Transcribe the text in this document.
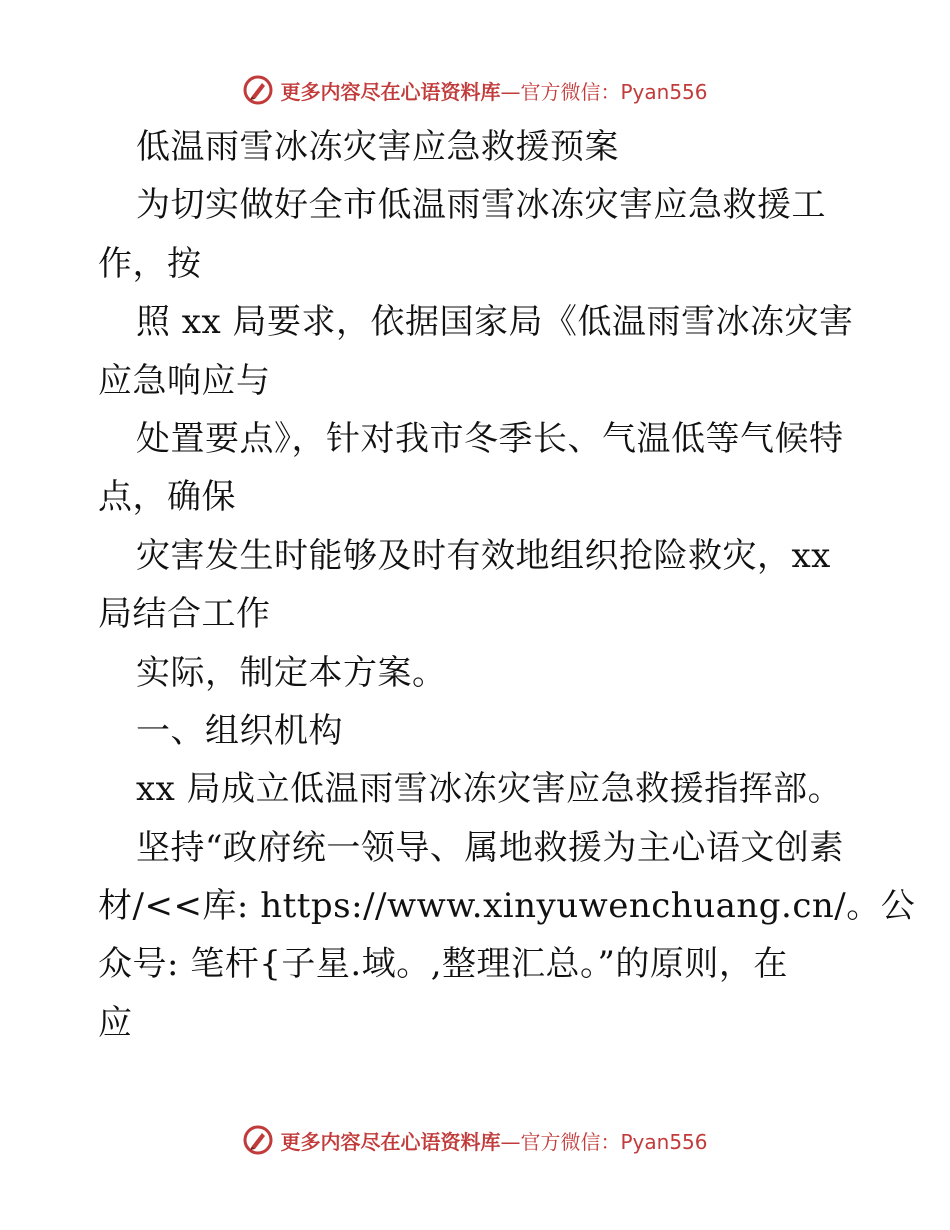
更多内容尽在心语资料库—官方微信：Pyan556
低温雨雪冰冻灾害应急救援预案
为切实做好全市低温雨雪冰冻灾害应急救援工
作，按
照 xx 局要求，依据国家局《低温雨雪冰冻灾害
应急响应与
处置要点》，针对我市冬季长、气温低等气候特
点，确保
灾害发生时能够及时有效地组织抢险救灾，xx
局结合工作
实际，制定本方案。
一、组织机构
xx 局成立低温雨雪冰冻灾害应急救援指挥部。
坚持“政府统一领导、属地救援为主心语文创素
材/<<库: https://www.xinyuwenchuang.cn/。公
众号: 笔杆{子星.域。,整理汇总。”的原则，在
应
更多内容尽在心语资料库—官方微信：Pyan556
